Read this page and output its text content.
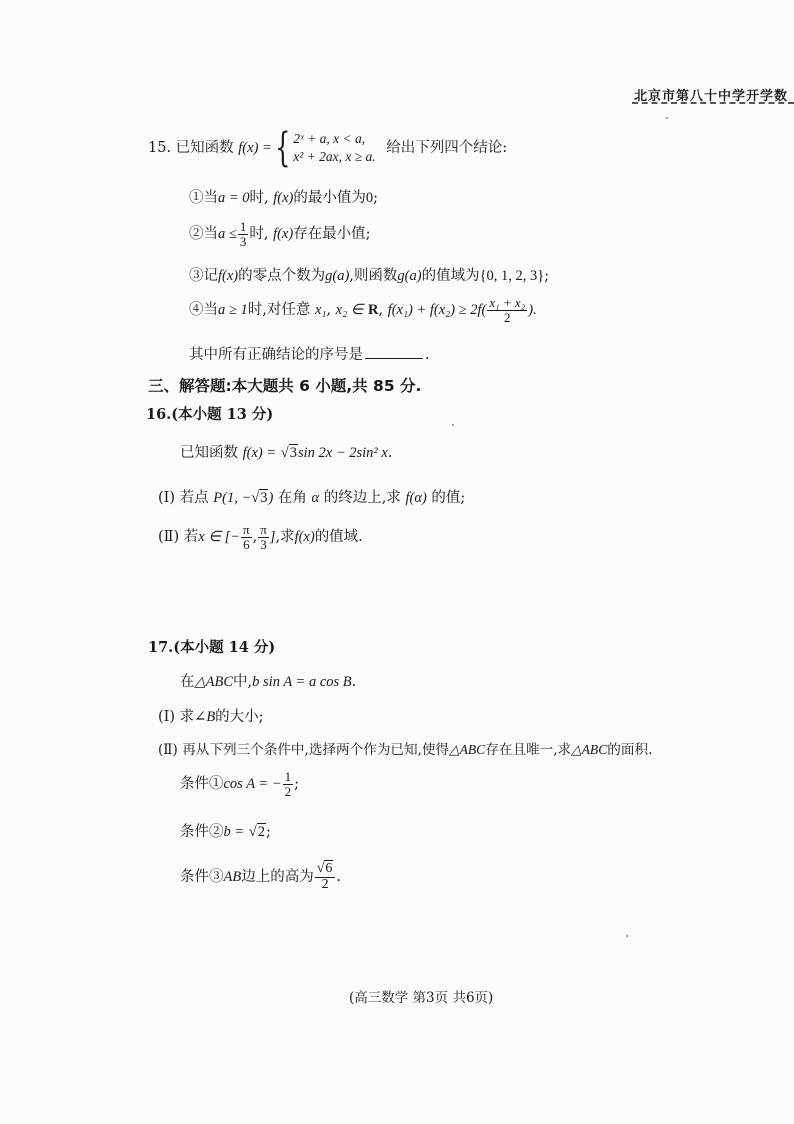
北京市第八十中学开学数
15. 已知函数 f(x) ={ 2ˣ + a, x < a,
x² + 2ax, x ≥ a.
给出下列四个结论:
①当a = 0时, f(x)的最小值为0;
②当$a \le \frac{1}{3}$ 时, f(x)存在最小值;
③记f(x)的零点个数为g(a),则函数g(a)的值域为{0, 1, 2, 3};
④当a ≥ 1时,对任意 x₁, x₂ ∈ R, $f(x_1) + f(x_2) \ge 2f( \frac{\text{x₁ + x₂}}{2}$ ).
其中所有正确结论的序号是	.
三、解答题:本大题共 6 小题,共 85 分.
16.(本小题 13 分)
已知函数 f(x) = √3sin 2x − 2sin² x.
(Ⅰ) 若点 P(1, −√3) 在角 α 的终边上,求 f(α) 的值;
(Ⅱ) 若x ∈ [− $\frac{\pi}{6}$ , $\frac{\pi}{3}$ ],求f(x)的值域.
17.(本小题 14 分)
在△ABC中,b sin A = a cos B.
(Ⅰ) 求∠B的大小;
(Ⅱ) 再从下列三个条件中,选择两个作为已知,使得△ABC存在且唯一,求△ABC的面积.
条件①cos A = − $\frac{1}{2}$ ;
条件②b = √2;
条件③AB边上的高为 $\frac{√6}{2}$ .
(高三数学 第3页 共6页)
